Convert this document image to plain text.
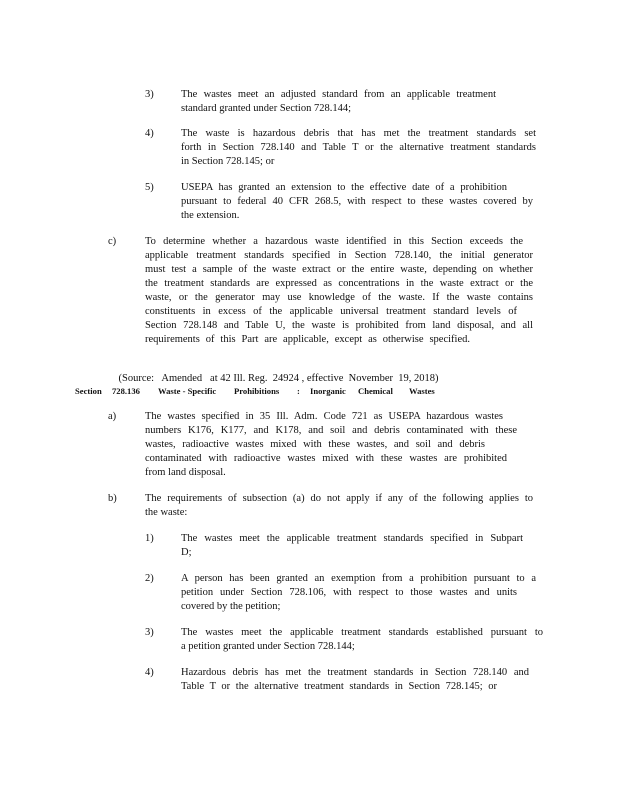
3)	The wastes meet an adjusted standard from an applicable treatment
standard granted under Section 728.144;
4)	The waste is hazardous debris that has met the treatment standards set
forth in Section 728.140 and Table T or the alternative treatment standards
in Section 728.145; or
5)	USEPA has granted an extension to the effective date of a prohibition
pursuant to federal 40 CFR 268.5, with respect to these wastes covered by
the extension.
c)	To determine whether a hazardous waste identified in this Section exceeds the
applicable treatment standards specified in Section 728.140, the initial generator
must test a sample of the waste extract or the entire waste, depending on whether
the treatment standards are expressed as concentrations in the waste extract or the
waste, or the generator may use knowledge of the waste. If the waste contains
constituents in excess of the applicable universal treatment standard levels of
Section 728.148 and Table U, the waste is prohibited from land disposal, and all
requirements of this Part are applicable, except as otherwise specified.

(Source:   Amended   at 42 Ill. Reg.  24924 , effective  November  19, 2018)

Section 728.136 Waste - Specific Prohibitions : Inorganic Chemical Wastes
a)	The wastes specified in 35 Ill. Adm. Code 721 as USEPA hazardous wastes
numbers K176, K177, and K178, and soil and debris contaminated with these
wastes, radioactive wastes mixed with these wastes, and soil and debris
contaminated with radioactive wastes mixed with these wastes are prohibited
from land disposal.
b)	The requirements of subsection (a) do not apply if any of the following applies to
the waste:
1)	The wastes meet the applicable treatment standards specified in Subpart
D;
2)	A person has been granted an exemption from a prohibition pursuant to a
petition under Section 728.106, with respect to those wastes and units
covered by the petition;
3)	The wastes meet the applicable treatment standards established pursuant to
a petition granted under Section 728.144;
4)	Hazardous debris has met the treatment standards in Section 728.140 and
Table T or the alternative treatment standards in Section 728.145; or
